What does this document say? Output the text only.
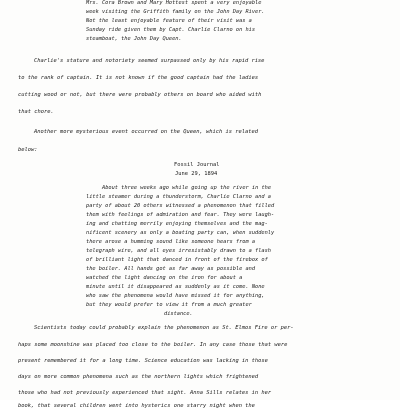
Mrs. Cora Brown and Mary Hottest spent a very enjoyable
week visiting the Griffith family on the John Day River.
Not the least enjoyable feature of their visit was a
Sunday ride given them by Capt. Charlie Clarno on his
steamboat, the John Day Queen.
Charlie's stature and notoriety seemed surpassed only by his rapid rise
to the rank of captain. It is not known if the good captain had the ladies
cutting wood or not, but there were probably others on board who aided with
that chore.
Another more mysterious event occurred on the Queen, which is related
below:
Fossil Journal
June 29, 1894
About three weeks ago while going up the river in the
little steamer during a thunderstorm, Charlie Clarno and a
party of about 20 others witnessed a phenomenon that filled
them with feelings of admiration and fear. They were laugh-
ing and chatting merrily enjoying themselves and the mag-
nificent scenery as only a boating party can, when suddenly
there arose a humming sound like someone hears from a
telegraph wire, and all eyes irresistably drawn to a flash
of brilliant light that danced in front of the firebox of
the boiler. All hands got as far away as possible and
watched the light dancing on the iron for about a
minute until it disappeared as suddenly as it come. None
who saw the phenomena would have missed it for anything,
but they would prefer to view it from a much greater
distance.
Scientists today could probably explain the phenomenon as St. Elmos Fire or per-
haps some moonshine was placed too close to the boiler. In any case those that were
present remembered it for a long time. Science education was lacking in those
days on more common phenomena such as the northern lights which frightened
those who had not previously experienced that sight. Anna Sills relates in her
book, that several children went into hysterics one starry night when the
